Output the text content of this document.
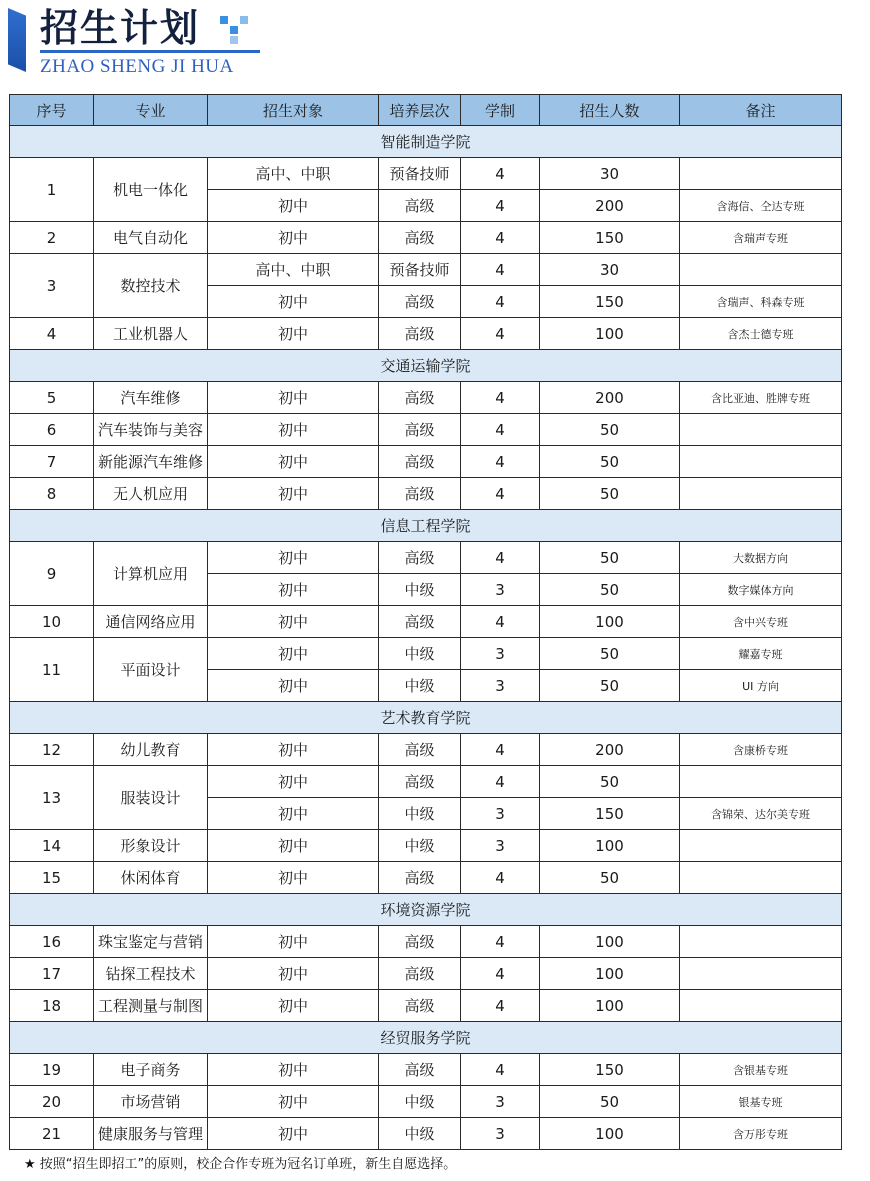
招生计划
ZHAO SHENG JI HUA
序号	专业	招生对象	培养层次	学制	招生人数	备注
智能制造学院						
1	机电一体化	高中、中职	预备技师	4	30	
		初中	高级	4	200	含海信、仝达专班
2	电气自动化	初中	高级	4	150	含瑞声专班
3	数控技术	高中、中职	预备技师	4	30	
		初中	高级	4	150	含瑞声、科森专班
4	工业机器人	初中	高级	4	100	含杰士德专班
交通运输学院						
5	汽车维修	初中	高级	4	200	含比亚迪、胜牌专班
6	汽车装饰与美容	初中	高级	4	50	
7	新能源汽车维修	初中	高级	4	50	
8	无人机应用	初中	高级	4	50	
信息工程学院						
9	计算机应用	初中	高级	4	50	大数据方向
		初中	中级	3	50	数字媒体方向
10	通信网络应用	初中	高级	4	100	含中兴专班
11	平面设计	初中	中级	3	50	耀嘉专班
		初中	中级	3	50	UI 方向
艺术教育学院						
12	幼儿教育	初中	高级	4	200	含康桥专班
13	服装设计	初中	高级	4	50	
		初中	中级	3	150	含锦荣、达尔美专班
14	形象设计	初中	中级	3	100	
15	休闲体育	初中	高级	4	50	
环境资源学院						
16	珠宝鉴定与营销	初中	高级	4	100	
17	钻探工程技术	初中	高级	4	100	
18	工程测量与制图	初中	高级	4	100	
经贸服务学院						
19	电子商务	初中	高级	4	150	含银基专班
20	市场营销	初中	中级	3	50	银基专班
21	健康服务与管理	初中	中级	3	100	含万彤专班
★ 按照“招生即招工”的原则，校企合作专班为冠名订单班，新生自愿选择。
